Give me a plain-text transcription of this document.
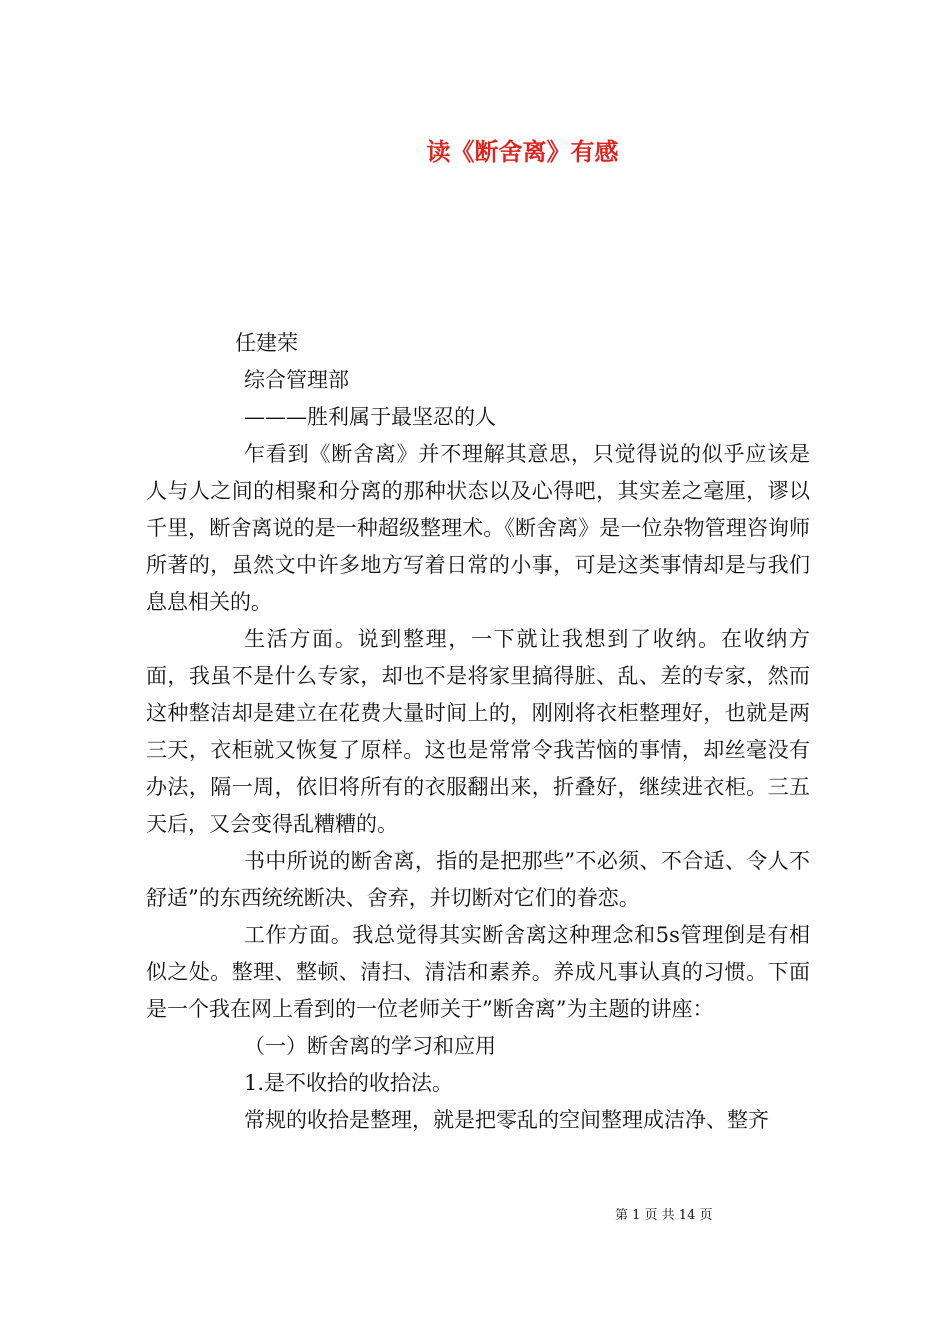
读《断舍离》有感

任建荣

综合管理部

———胜利属于最坚忍的人

乍看到《断舍离》并不理解其意思，只觉得说的似乎应该是人与人之间的相聚和分离的那种状态以及心得吧，其实差之毫厘，谬以千里，断舍离说的是一种超级整理术。《断舍离》是一位杂物管理咨询师所著的，虽然文中许多地方写着日常的小事，可是这类事情却是与我们息息相关的。

生活方面。说到整理，一下就让我想到了收纳。在收纳方面，我虽不是什么专家，却也不是将家里搞得脏、乱、差的专家，然而这种整洁却是建立在花费大量时间上的，刚刚将衣柜整理好，也就是两三天，衣柜就又恢复了原样。这也是常常令我苦恼的事情，却丝毫没有办法，隔一周，依旧将所有的衣服翻出来，折叠好，继续进衣柜。三五天后，又会变得乱糟糟的。

书中所说的断舍离，指的是把那些”不必须、不合适、令人不舒适”的东西统统断决、舍弃，并切断对它们的眷恋。

工作方面。我总觉得其实断舍离这种理念和5s管理倒是有相似之处。整理、整顿、清扫、清洁和素养。养成凡事认真的习惯。下面是一个我在网上看到的一位老师关于”断舍离”为主题的讲座：

（一）断舍离的学习和应用

1.是不收拾的收拾法。

常规的收拾是整理，就是把零乱的空间整理成洁净、整齐

第 1 页 共 14 页
